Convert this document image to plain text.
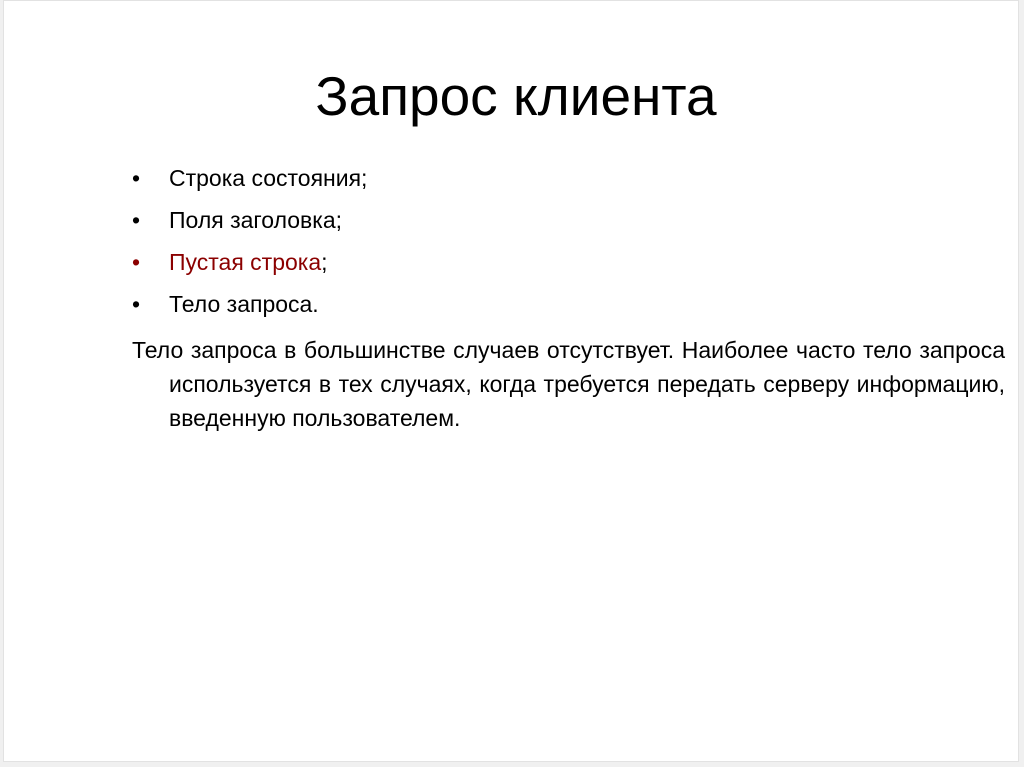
Запрос клиента
• Строка состояния;
• Поля заголовка;
• Пустая строка;
• Тело запроса.

Тело запроса в большинстве случаев отсутствует. Наиболее часто тело запроса используется в тех случаях, когда требуется передать серверу информацию, введенную пользователем.
